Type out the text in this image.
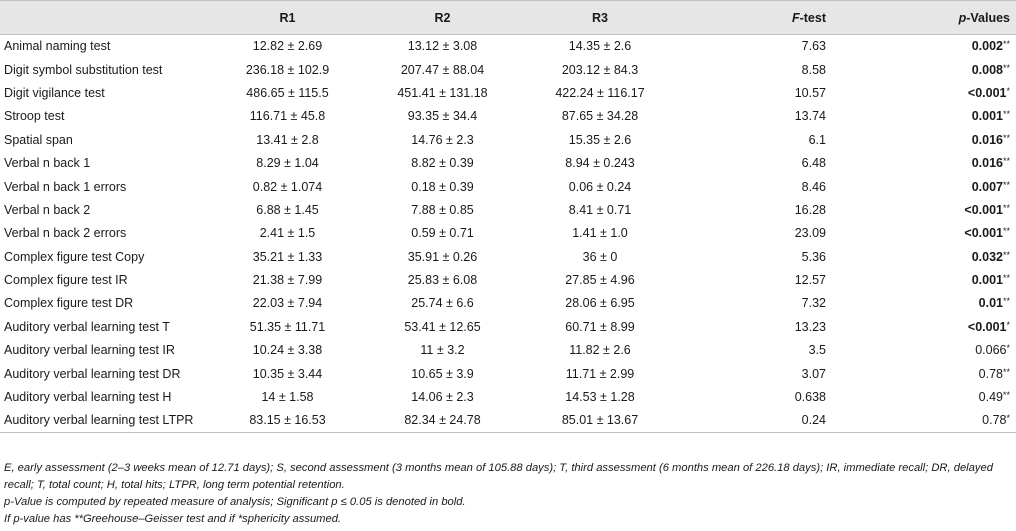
	R1	R2	R3	F-test	p-Values
Animal naming test	12.82 ± 2.69	13.12 ± 3.08	14.35 ± 2.6	7.63	0.002**
Digit symbol substitution test	236.18 ± 102.9	207.47 ± 88.04	203.12 ± 84.3	8.58	0.008**
Digit vigilance test	486.65 ± 115.5	451.41 ± 131.18	422.24 ± 116.17	10.57	<0.001*
Stroop test	116.71 ± 45.8	93.35 ± 34.4	87.65 ± 34.28	13.74	0.001**
Spatial span	13.41 ± 2.8	14.76 ± 2.3	15.35 ± 2.6	6.1	0.016**
Verbal n back 1	8.29 ± 1.04	8.82 ± 0.39	8.94 ± 0.243	6.48	0.016**
Verbal n back 1 errors	0.82 ± 1.074	0.18 ± 0.39	0.06 ± 0.24	8.46	0.007**
Verbal n back 2	6.88 ± 1.45	7.88 ± 0.85	8.41 ± 0.71	16.28	<0.001**
Verbal n back 2 errors	2.41 ± 1.5	0.59 ± 0.71	1.41 ± 1.0	23.09	<0.001**
Complex figure test Copy	35.21 ± 1.33	35.91 ± 0.26	36 ± 0	5.36	0.032**
Complex figure test IR	21.38 ± 7.99	25.83 ± 6.08	27.85 ± 4.96	12.57	0.001**
Complex figure test DR	22.03 ± 7.94	25.74 ± 6.6	28.06 ± 6.95	7.32	0.01**
Auditory verbal learning test T	51.35 ± 11.71	53.41 ± 12.65	60.71 ± 8.99	13.23	<0.001*
Auditory verbal learning test IR	10.24 ± 3.38	11 ± 3.2	11.82 ± 2.6	3.5	0.066*
Auditory verbal learning test DR	10.35 ± 3.44	10.65 ± 3.9	11.71 ± 2.99	3.07	0.78**
Auditory verbal learning test H	14 ± 1.58	14.06 ± 2.3	14.53 ± 1.28	0.638	0.49**
Auditory verbal learning test LTPR	83.15 ± 16.53	82.34 ± 24.78	85.01 ± 13.67	0.24	0.78*

E, early assessment (2–3 weeks mean of 12.71 days); S, second assessment (3 months mean of 105.88 days); T, third assessment (6 months mean of 226.18 days); IR, immediate recall; DR, delayed recall; T, total count; H, total hits; LTPR, long term potential retention.

p-Value is computed by repeated measure of analysis; Significant p ≤ 0.05 is denoted in bold.

If p-value has **Greehouse–Geisser test and if *sphericity assumed.
